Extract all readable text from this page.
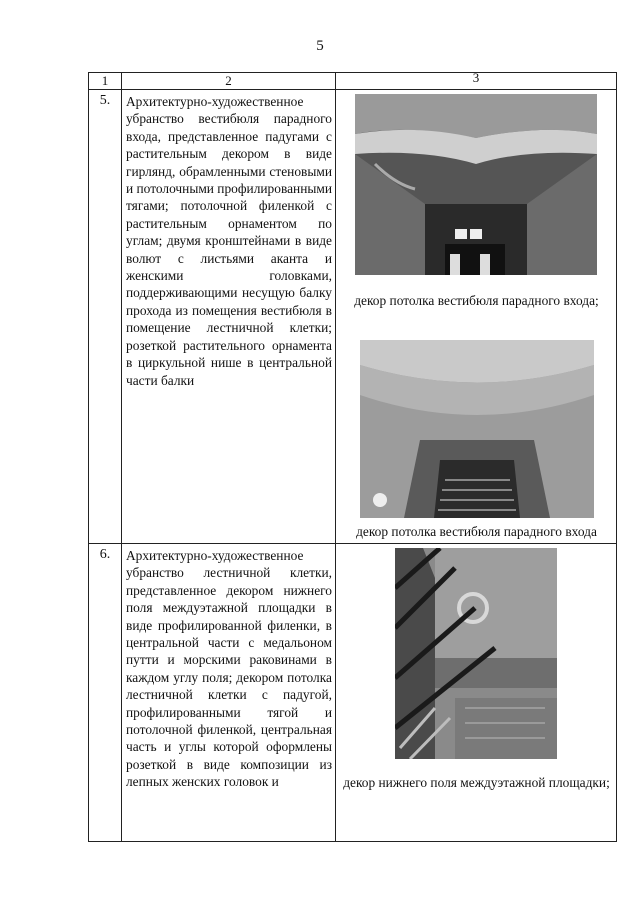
5
1	2	3
5.	Архитектурно-художественное убранство вестибюля парадного входа, представленное падугами с растительным декором в виде гирлянд, обрамленными стеновыми и потолочными профилированными тягами; потолочной филенкой с растительным орнаментом по углам; двумя кронштейнами в виде волют с листьями аканта и женскими головками, поддерживающими несущую балку прохода из помещения вестибюля в помещение лестничной клетки; розеткой растительного орнамента в циркульной нише в центральной части балки	декор потолка вестибюля парадного входа;
декор потолка вестибюля парадного входа

6.	Архитектурно-художественное убранство лестничной клетки, представленное декором нижнего поля междуэтажной площадки в виде профилированной филенки, в центральной части с медальоном путти и морскими раковинами в каждом углу поля; декором потолка лестничной клетки с падугой, профилированными тягой и потолочной филенкой, центральная часть и углы которой оформлены розеткой в виде композиции из лепных женских головок и	декор нижнего поля междуэтажной площадки;
